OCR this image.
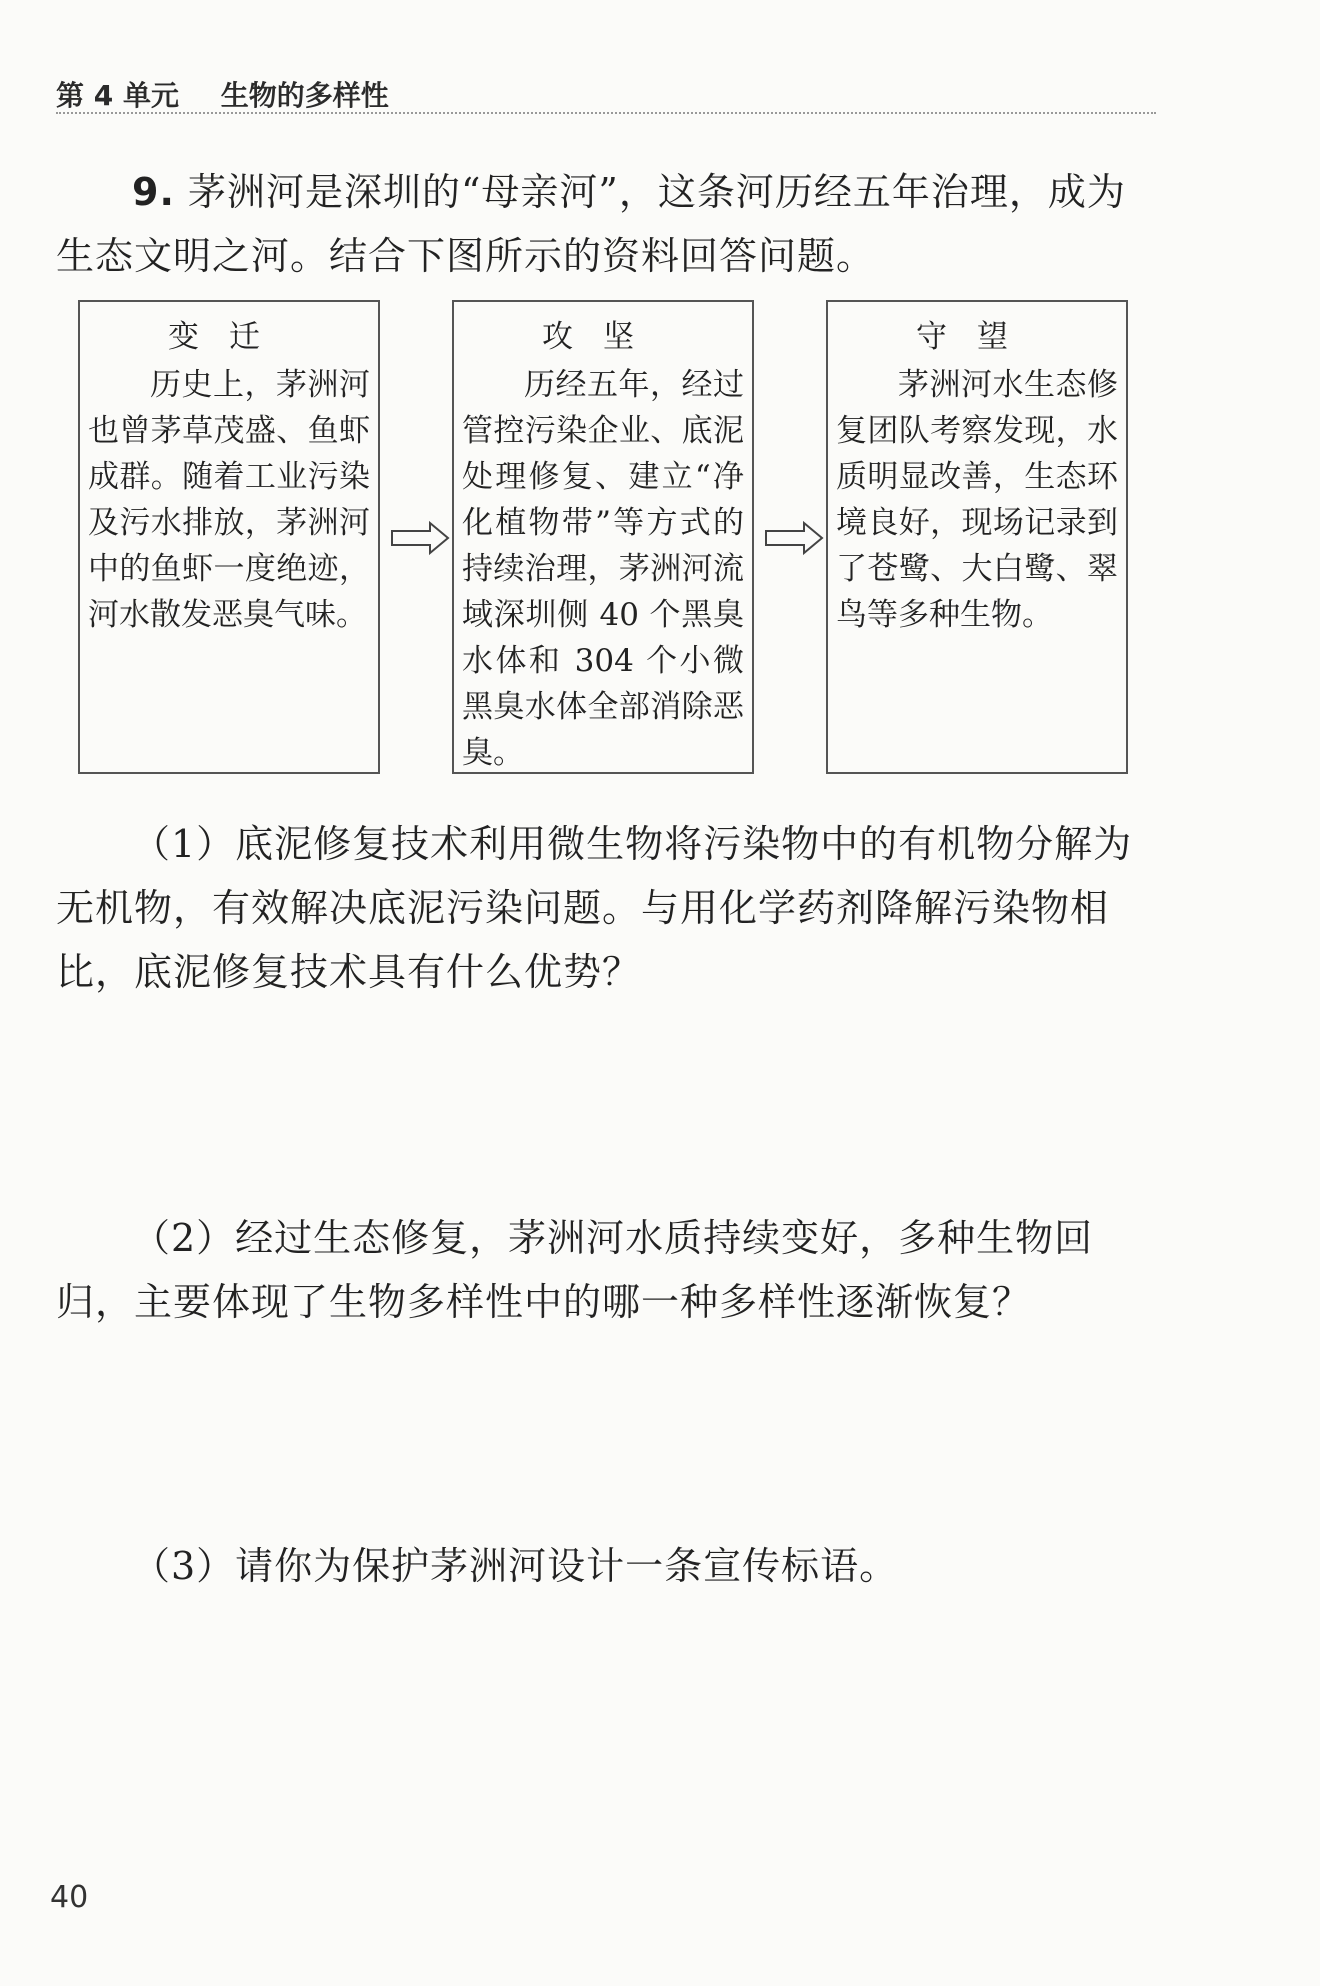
第 4 单元 生物的多样性

9. 茅洲河是深圳的“母亲河”，这条河历经五年治理，成为生态文明之河。结合下图所示的资料回答问题。

变迁
历史上，茅洲河也曾茅草茂盛、鱼虾成群。随着工业污染及污水排放，茅洲河中的鱼虾一度绝迹，河水散发恶臭气味。
攻坚
历经五年，经过管控污染企业、底泥处理修复、建立“净化植物带”等方式的持续治理，茅洲河流域深圳侧 40 个黑臭水体和 304 个小微黑臭水体全部消除恶臭。
守望
茅洲河水生态修复团队考察发现，水质明显改善，生态环境良好，现场记录到了苍鹭、大白鹭、翠鸟等多种生物。

（1）底泥修复技术利用微生物将污染物中的有机物分解为无机物，有效解决底泥污染问题。与用化学药剂降解污染物相比，底泥修复技术具有什么优势？

（2）经过生态修复，茅洲河水质持续变好，多种生物回归，主要体现了生物多样性中的哪一种多样性逐渐恢复？

（3）请你为保护茅洲河设计一条宣传标语。

40
